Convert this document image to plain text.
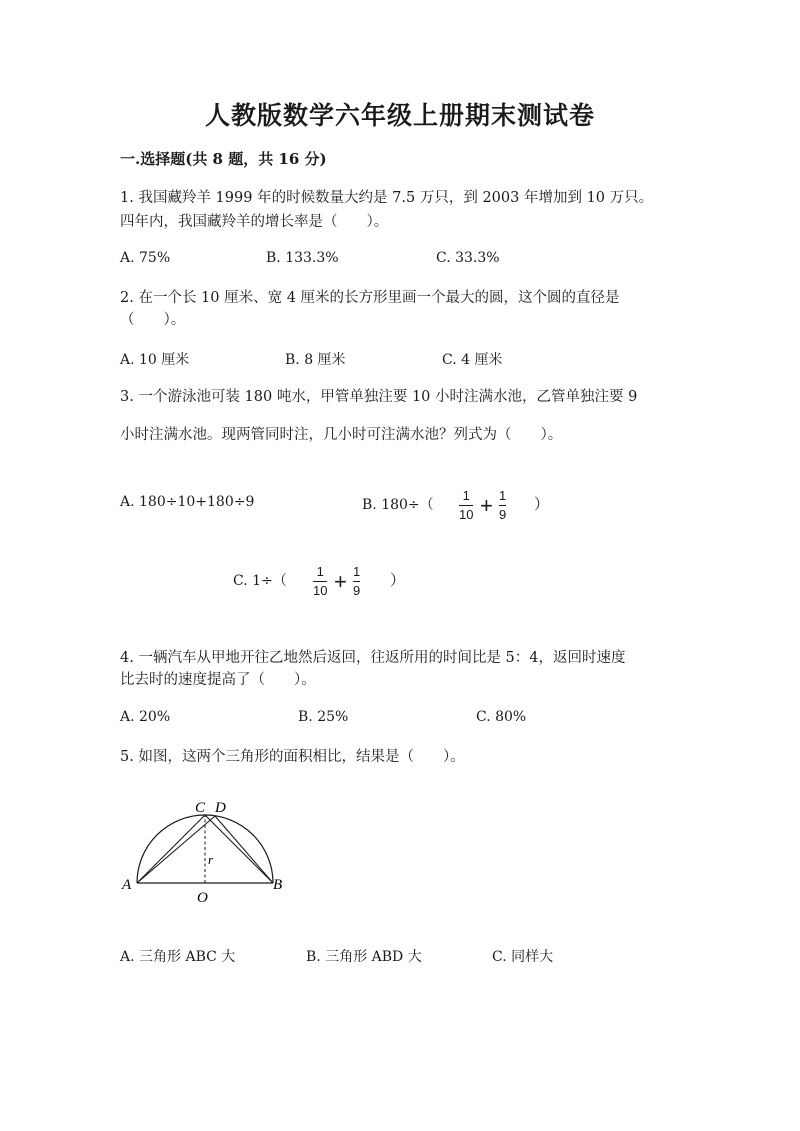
人教版数学六年级上册期末测试卷
一.选择题(共 8 题，共 16 分)
1. 我国藏羚羊 1999 年的时候数量大约是 7.5 万只，到 2003 年增加到 10 万只。
四年内，我国藏羚羊的增长率是（　　）。
A. 75%	B. 133.3%	C. 33.3%
2. 在一个长 10 厘米、宽 4 厘米的长方形里画一个最大的圆，这个圆的直径是
（　　）。
A. 10 厘米	B. 8 厘米	C. 4 厘米
3. 一个游泳池可装 180 吨水，甲管单独注要 10 小时注满水池，乙管单独注要 9
小时注满水池。现两管同时注，几小时可注满水池？列式为（　　）。
A. 180÷10+180÷9	B. 180÷（
1
10 + 1
9
）
C. 1÷（
1
10 + 1
9
）
4. 一辆汽车从甲地开往乙地然后返回，往返所用的时间比是 5：4，返回时速度
比去时的速度提高了（　　）。
A. 20%	B. 25%	C. 80%
5. 如图，这两个三角形的面积相比，结果是（　　）。
C D
A	B
O
r
A. 三角形 ABC 大	B. 三角形 ABD 大	C. 同样大
